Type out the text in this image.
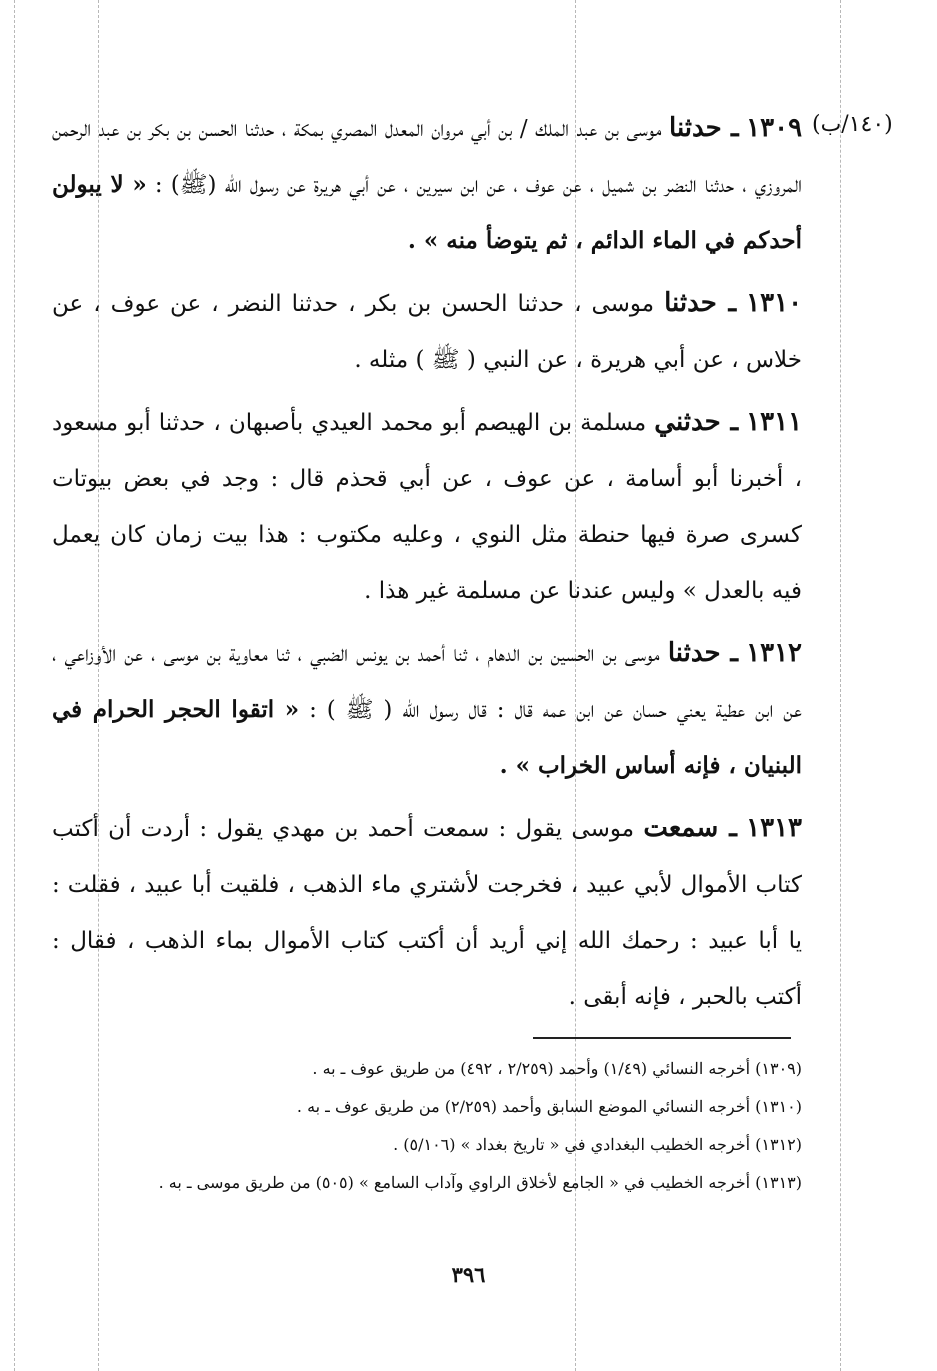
(١٤٠/ب)

١٣٠٩ ـ حدثنا موسى بن عبد الملك / بن أبي مروان المعدل المصري بمكة ، حدثنا الحسن بن بكر بن عبد الرحمن المروزي ، حدثنا النضر بن شميل ، عن عوف ، عن ابن سيرين ، عن أبي هريرة عن رسول الله (ﷺ) : « لا يبولن أحدكم في الماء الدائم ، ثم يتوضأ منه » .

١٣١٠ ـ حدثنا موسى ، حدثنا الحسن بن بكر ، حدثنا النضر ، عن عوف ، عن خلاس ، عن أبي هريرة ، عن النبي ( ﷺ ) مثله .

١٣١١ ـ حدثني مسلمة بن الهيصم أبو محمد العيدي بأصبهان ، حدثنا أبو مسعود ، أخبرنا أبو أسامة ، عن عوف ، عن أبي قحذم قال : وجد في بعض بيوتات كسرى صرة فيها حنطة مثل النوي ، وعليه مكتوب : هذا بيت زمان كان يعمل فيه بالعدل » وليس عندنا عن مسلمة غير هذا .

١٣١٢ ـ حدثنا موسى بن الحسين بن الدهام ، ثنا أحمد بن يونس الضبي ، ثنا معاوية بن موسى ، عن الأوزاعي ، عن ابن عطية يعني حسان عن ابن عمه قال : قال رسول الله ( ﷺ ) : « اتقوا الحجر الحرام في البنيان ، فإنه أساس الخراب » .

١٣١٣ ـ سمعت موسى يقول : سمعت أحمد بن مهدي يقول : أردت أن أكتب كتاب الأموال لأبي عبيد ، فخرجت لأشتري ماء الذهب ، فلقيت أبا عبيد ، فقلت : يا أبا عبيد : رحمك الله إني أريد أن أكتب كتاب الأموال بماء الذهب ، فقال : أكتب بالحبر ، فإنه أبقى .

(١٣٠٩) أخرجه النسائي (١/٤٩) وأحمد (٢/٢٥٩ ، ٤٩٢) من طريق عوف ـ به .

(١٣١٠) أخرجه النسائي الموضع السابق وأحمد (٢/٢٥٩) من طريق عوف ـ به .

(١٣١٢) أخرجه الخطيب البغدادي في « تاريخ بغداد » (٥/١٠٦) .

(١٣١٣) أخرجه الخطيب في « الجامع لأخلاق الراوي وآداب السامع » (٥٠٥) من طريق موسى ـ به .

٣٩٦
